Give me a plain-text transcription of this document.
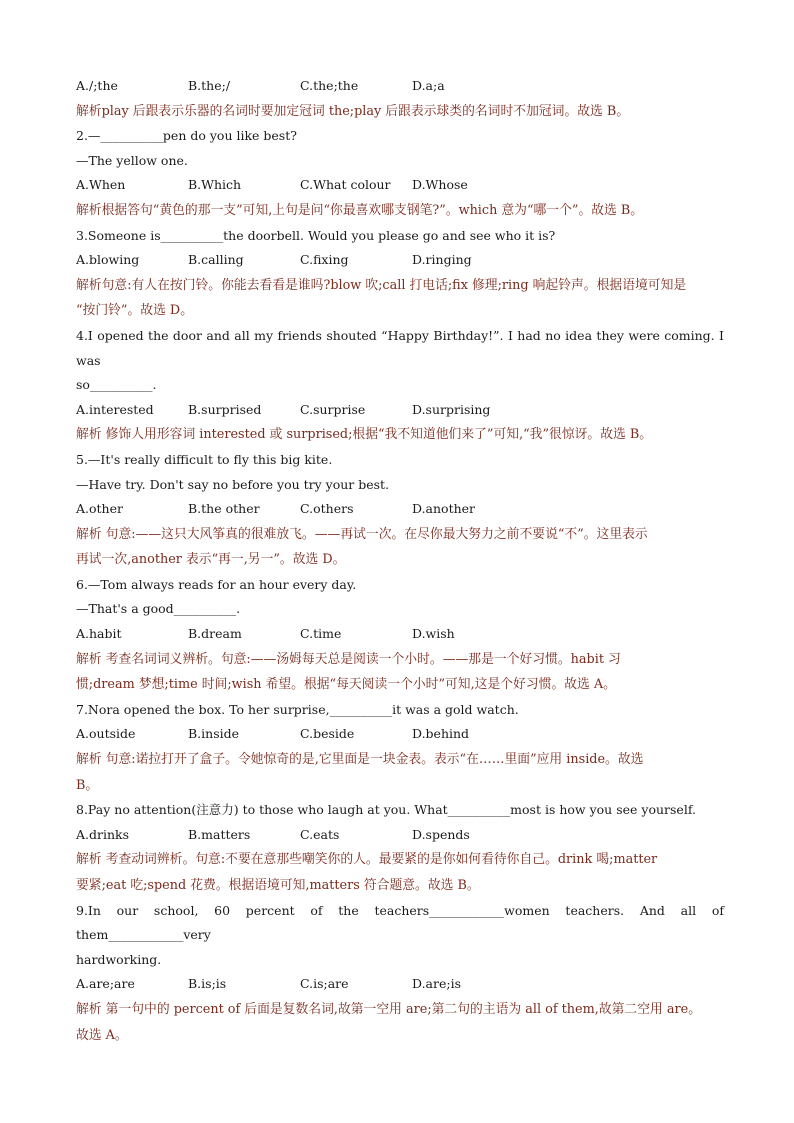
A./;the	B.the;/	C.the;the	D.a;a
解析play 后跟表示乐器的名词时要加定冠词 the;play 后跟表示球类的名词时不加冠词。故选 B。
2.—__________pen do you like best?
—The yellow one.
A.When	B.Which	C.What colour	D.Whose
解析根据答句“黄色的那一支”可知,上句是问“你最喜欢哪支钢笔?”。which 意为“哪一个”。故选 B。
3.Someone is__________the doorbell. Would you please go and see who it is?
A.blowing	B.calling	C.fixing	D.ringing
解析句意:有人在按门铃。你能去看看是谁吗?blow 吹;call 打电话;fix 修理;ring 响起铃声。根据语境可知是
“按门铃”。故选 D。
4.I opened the door and all my friends shouted “Happy Birthday!”. I had no idea they were coming. I was
so__________.
A.interested	B.surprised	C.surprise	D.surprising
解析 修饰人用形容词 interested 或 surprised;根据“我不知道他们来了”可知,“我”很惊讶。故选 B。
5.—It's really difficult to fly this big kite.
—Have try. Don't say no before you try your best.
A.other	B.the other	C.others	D.another
解析 句意:——这只大风筝真的很难放飞。——再试一次。在尽你最大努力之前不要说“不”。这里表示
再试一次,another 表示“再一,另一”。故选 D。
6.—Tom always reads for an hour every day.
—That's a good__________.
A.habit	B.dream	C.time	D.wish
解析 考查名词词义辨析。句意:——汤姆每天总是阅读一个小时。——那是一个好习惯。habit 习
惯;dream 梦想;time 时间;wish 希望。根据“每天阅读一个小时”可知,这是个好习惯。故选 A。
7.Nora opened the box. To her surprise,__________it was a gold watch.
A.outside	B.inside	C.beside	D.behind
解析 句意:诺拉打开了盒子。令她惊奇的是,它里面是一块金表。表示“在……里面”应用 inside。故选
B。
8.Pay no attention(注意力) to those who laugh at you. What__________most is how you see yourself.
A.drinks	B.matters	C.eats	D.spends
解析 考查动词辨析。句意:不要在意那些嘲笑你的人。最要紧的是你如何看待你自己。drink 喝;matter
要紧;eat 吃;spend 花费。根据语境可知,matters 符合题意。故选 B。
9.In our school, 60 percent of the teachers____________women teachers. And all of them____________very
hardworking.
A.are;are	B.is;is	C.is;are	D.are;is
解析 第一句中的 percent of 后面是复数名词,故第一空用 are;第二句的主语为 all of them,故第二空用 are。
故选 A。
